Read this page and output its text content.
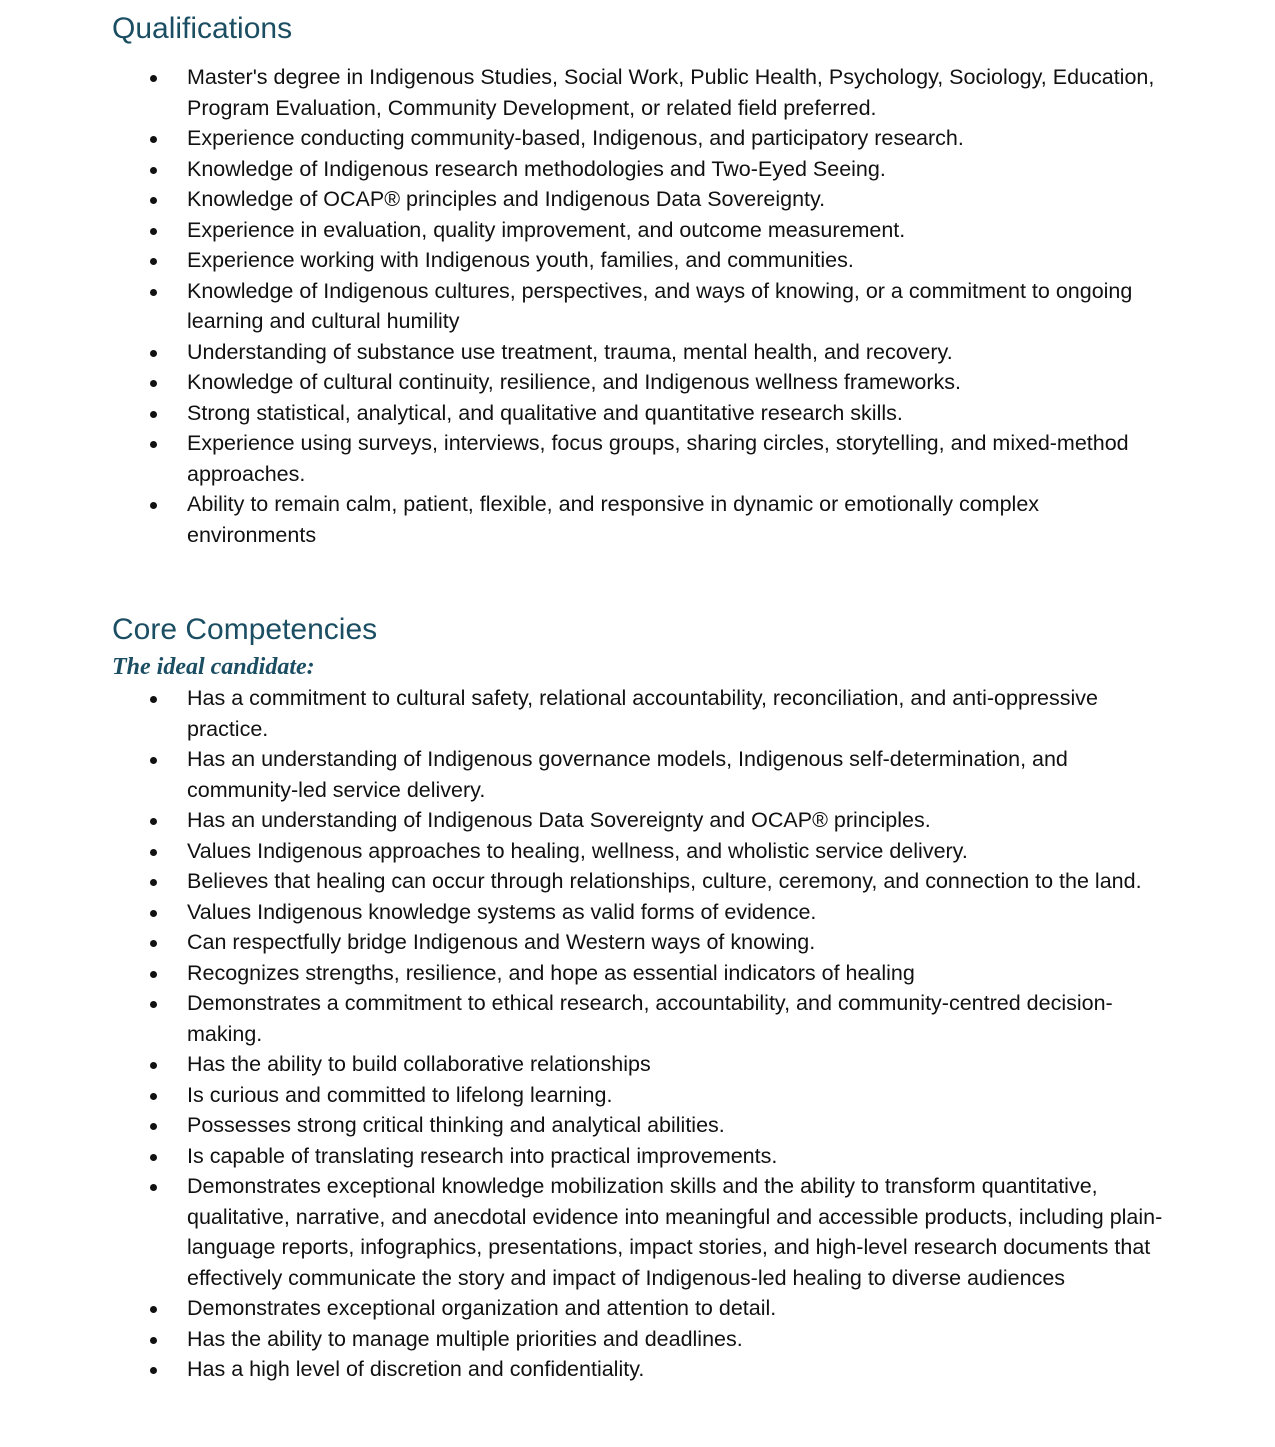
Qualifications
Master's degree in Indigenous Studies, Social Work, Public Health, Psychology, Sociology, Education, Program Evaluation, Community Development, or related field preferred.
Experience conducting community-based, Indigenous, and participatory research.
Knowledge of Indigenous research methodologies and Two-Eyed Seeing.
Knowledge of OCAP® principles and Indigenous Data Sovereignty.
Experience in evaluation, quality improvement, and outcome measurement.
Experience working with Indigenous youth, families, and communities.
Knowledge of Indigenous cultures, perspectives, and ways of knowing, or a commitment to ongoing learning and cultural humility
Understanding of substance use treatment, trauma, mental health, and recovery.
Knowledge of cultural continuity, resilience, and Indigenous wellness frameworks.
Strong statistical, analytical, and qualitative and quantitative research skills.
Experience using surveys, interviews, focus groups, sharing circles, storytelling, and mixed-method approaches.
Ability to remain calm, patient, flexible, and responsive in dynamic or emotionally complex environments
Core Competencies
The ideal candidate:
Has a commitment to cultural safety, relational accountability, reconciliation, and anti-oppressive practice.
Has an understanding of Indigenous governance models, Indigenous self-determination, and community-led service delivery.
Has an understanding of Indigenous Data Sovereignty and OCAP® principles.
Values Indigenous approaches to healing, wellness, and wholistic service delivery.
Believes that healing can occur through relationships, culture, ceremony, and connection to the land.
Values Indigenous knowledge systems as valid forms of evidence.
Can respectfully bridge Indigenous and Western ways of knowing.
Recognizes strengths, resilience, and hope as essential indicators of healing
Demonstrates a commitment to ethical research, accountability, and community-centred decision-making.
Has the ability to build collaborative relationships
Is curious and committed to lifelong learning.
Possesses strong critical thinking and analytical abilities.
Is capable of translating research into practical improvements.
Demonstrates exceptional knowledge mobilization skills and the ability to transform quantitative, qualitative, narrative, and anecdotal evidence into meaningful and accessible products, including plain-language reports, infographics, presentations, impact stories, and high-level research documents that effectively communicate the story and impact of Indigenous-led healing to diverse audiences
Demonstrates exceptional organization and attention to detail.
Has the ability to manage multiple priorities and deadlines.
Has a high level of discretion and confidentiality.
